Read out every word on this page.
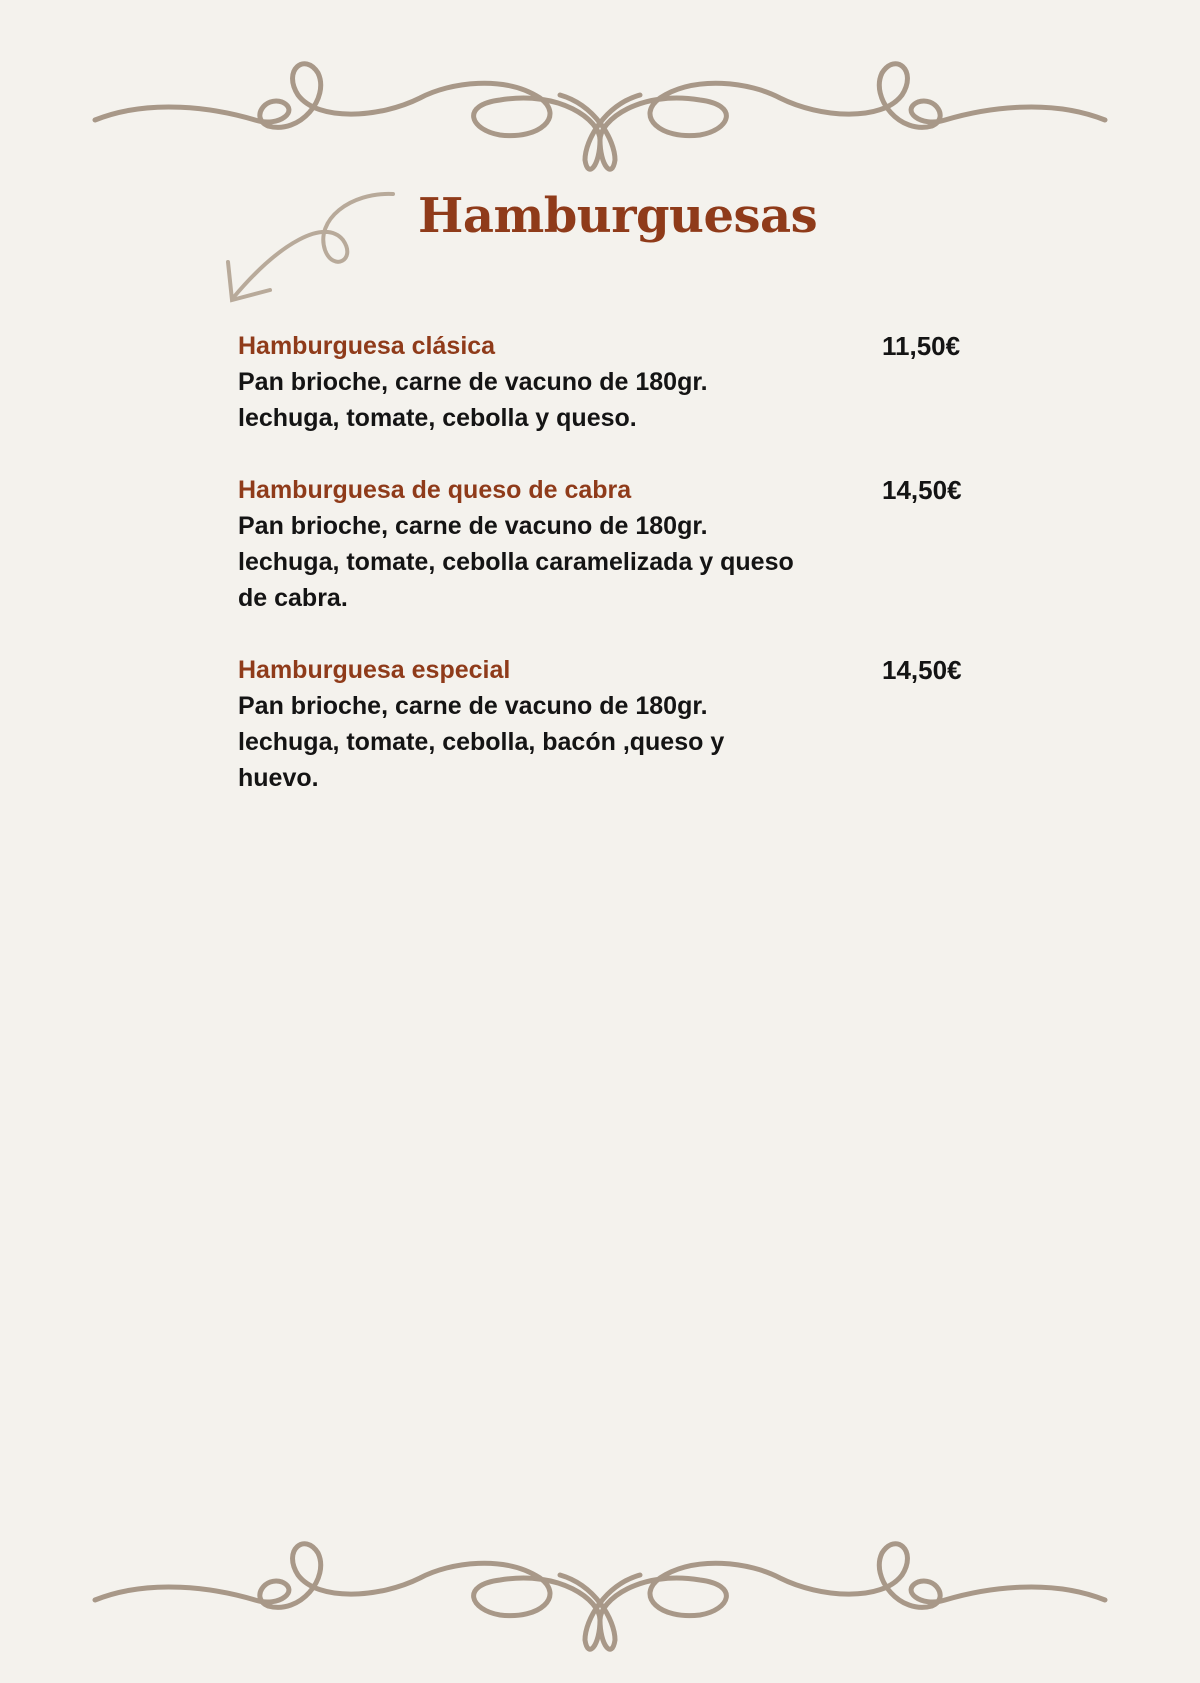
Hamburguesas
Hamburguesa clásica
Pan brioche, carne de vacuno de 180gr. lechuga, tomate, cebolla y queso.
11,50€
Hamburguesa de queso de cabra
Pan brioche, carne de vacuno de 180gr. lechuga, tomate, cebolla caramelizada y queso de cabra.
14,50€
Hamburguesa especial
Pan brioche, carne de vacuno de 180gr. lechuga, tomate, cebolla, bacón ,queso y huevo.
14,50€
